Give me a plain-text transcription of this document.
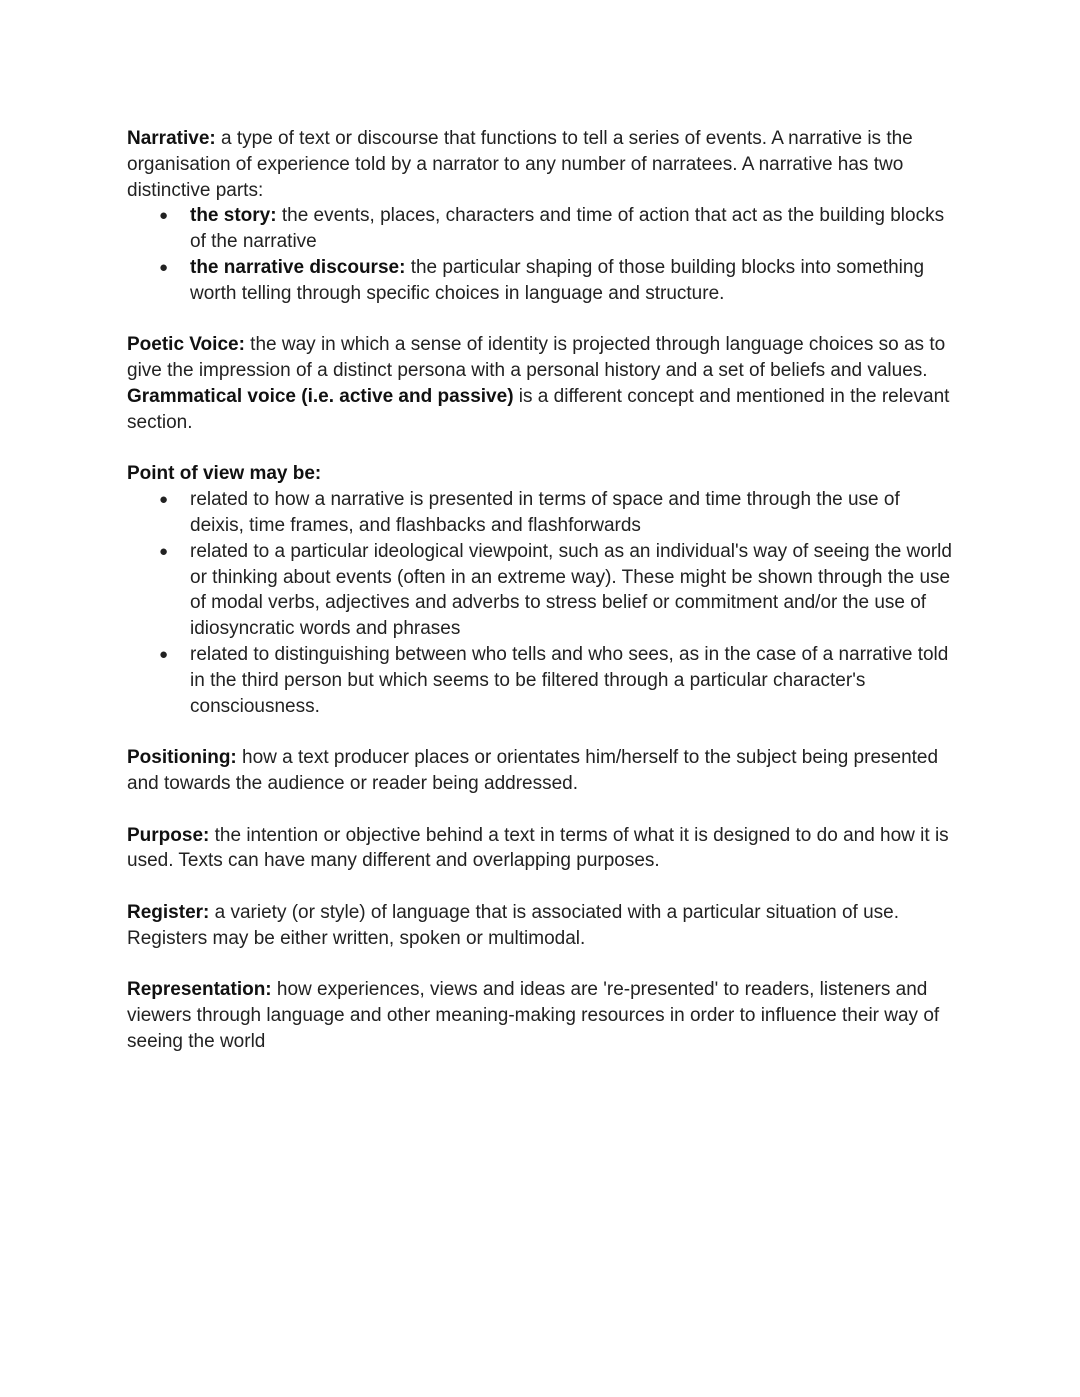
Narrative: a type of text or discourse that functions to tell a series of events. A narrative is the organisation of experience told by a narrator to any number of narratees. A narrative has two distinctive parts:

● the story: the events, places, characters and time of action that act as the building blocks of the narrative
● the narrative discourse: the particular shaping of those building blocks into something worth telling through specific choices in language and structure.

Poetic Voice: the way in which a sense of identity is projected through language choices so as to give the impression of a distinct persona with a personal history and a set of beliefs and values. Grammatical voice (i.e. active and passive) is a different concept and mentioned in the relevant section.

Point of view may be:

● related to how a narrative is presented in terms of space and time through the use of deixis, time frames, and flashbacks and flashforwards
● related to a particular ideological viewpoint, such as an individual's way of seeing the world or thinking about events (often in an extreme way). These might be shown through the use of modal verbs, adjectives and adverbs to stress belief or commitment and/or the use of idiosyncratic words and phrases
● related to distinguishing between who tells and who sees, as in the case of a narrative told in the third person but which seems to be filtered through a particular character's consciousness.

Positioning: how a text producer places or orientates him/herself to the subject being presented and towards the audience or reader being addressed.

Purpose: the intention or objective behind a text in terms of what it is designed to do and how it is used. Texts can have many different and overlapping purposes.

Register: a variety (or style) of language that is associated with a particular situation of use. Registers may be either written, spoken or multimodal.

Representation: how experiences, views and ideas are 're-presented' to readers, listeners and viewers through language and other meaning-making resources in order to influence their way of seeing the world
